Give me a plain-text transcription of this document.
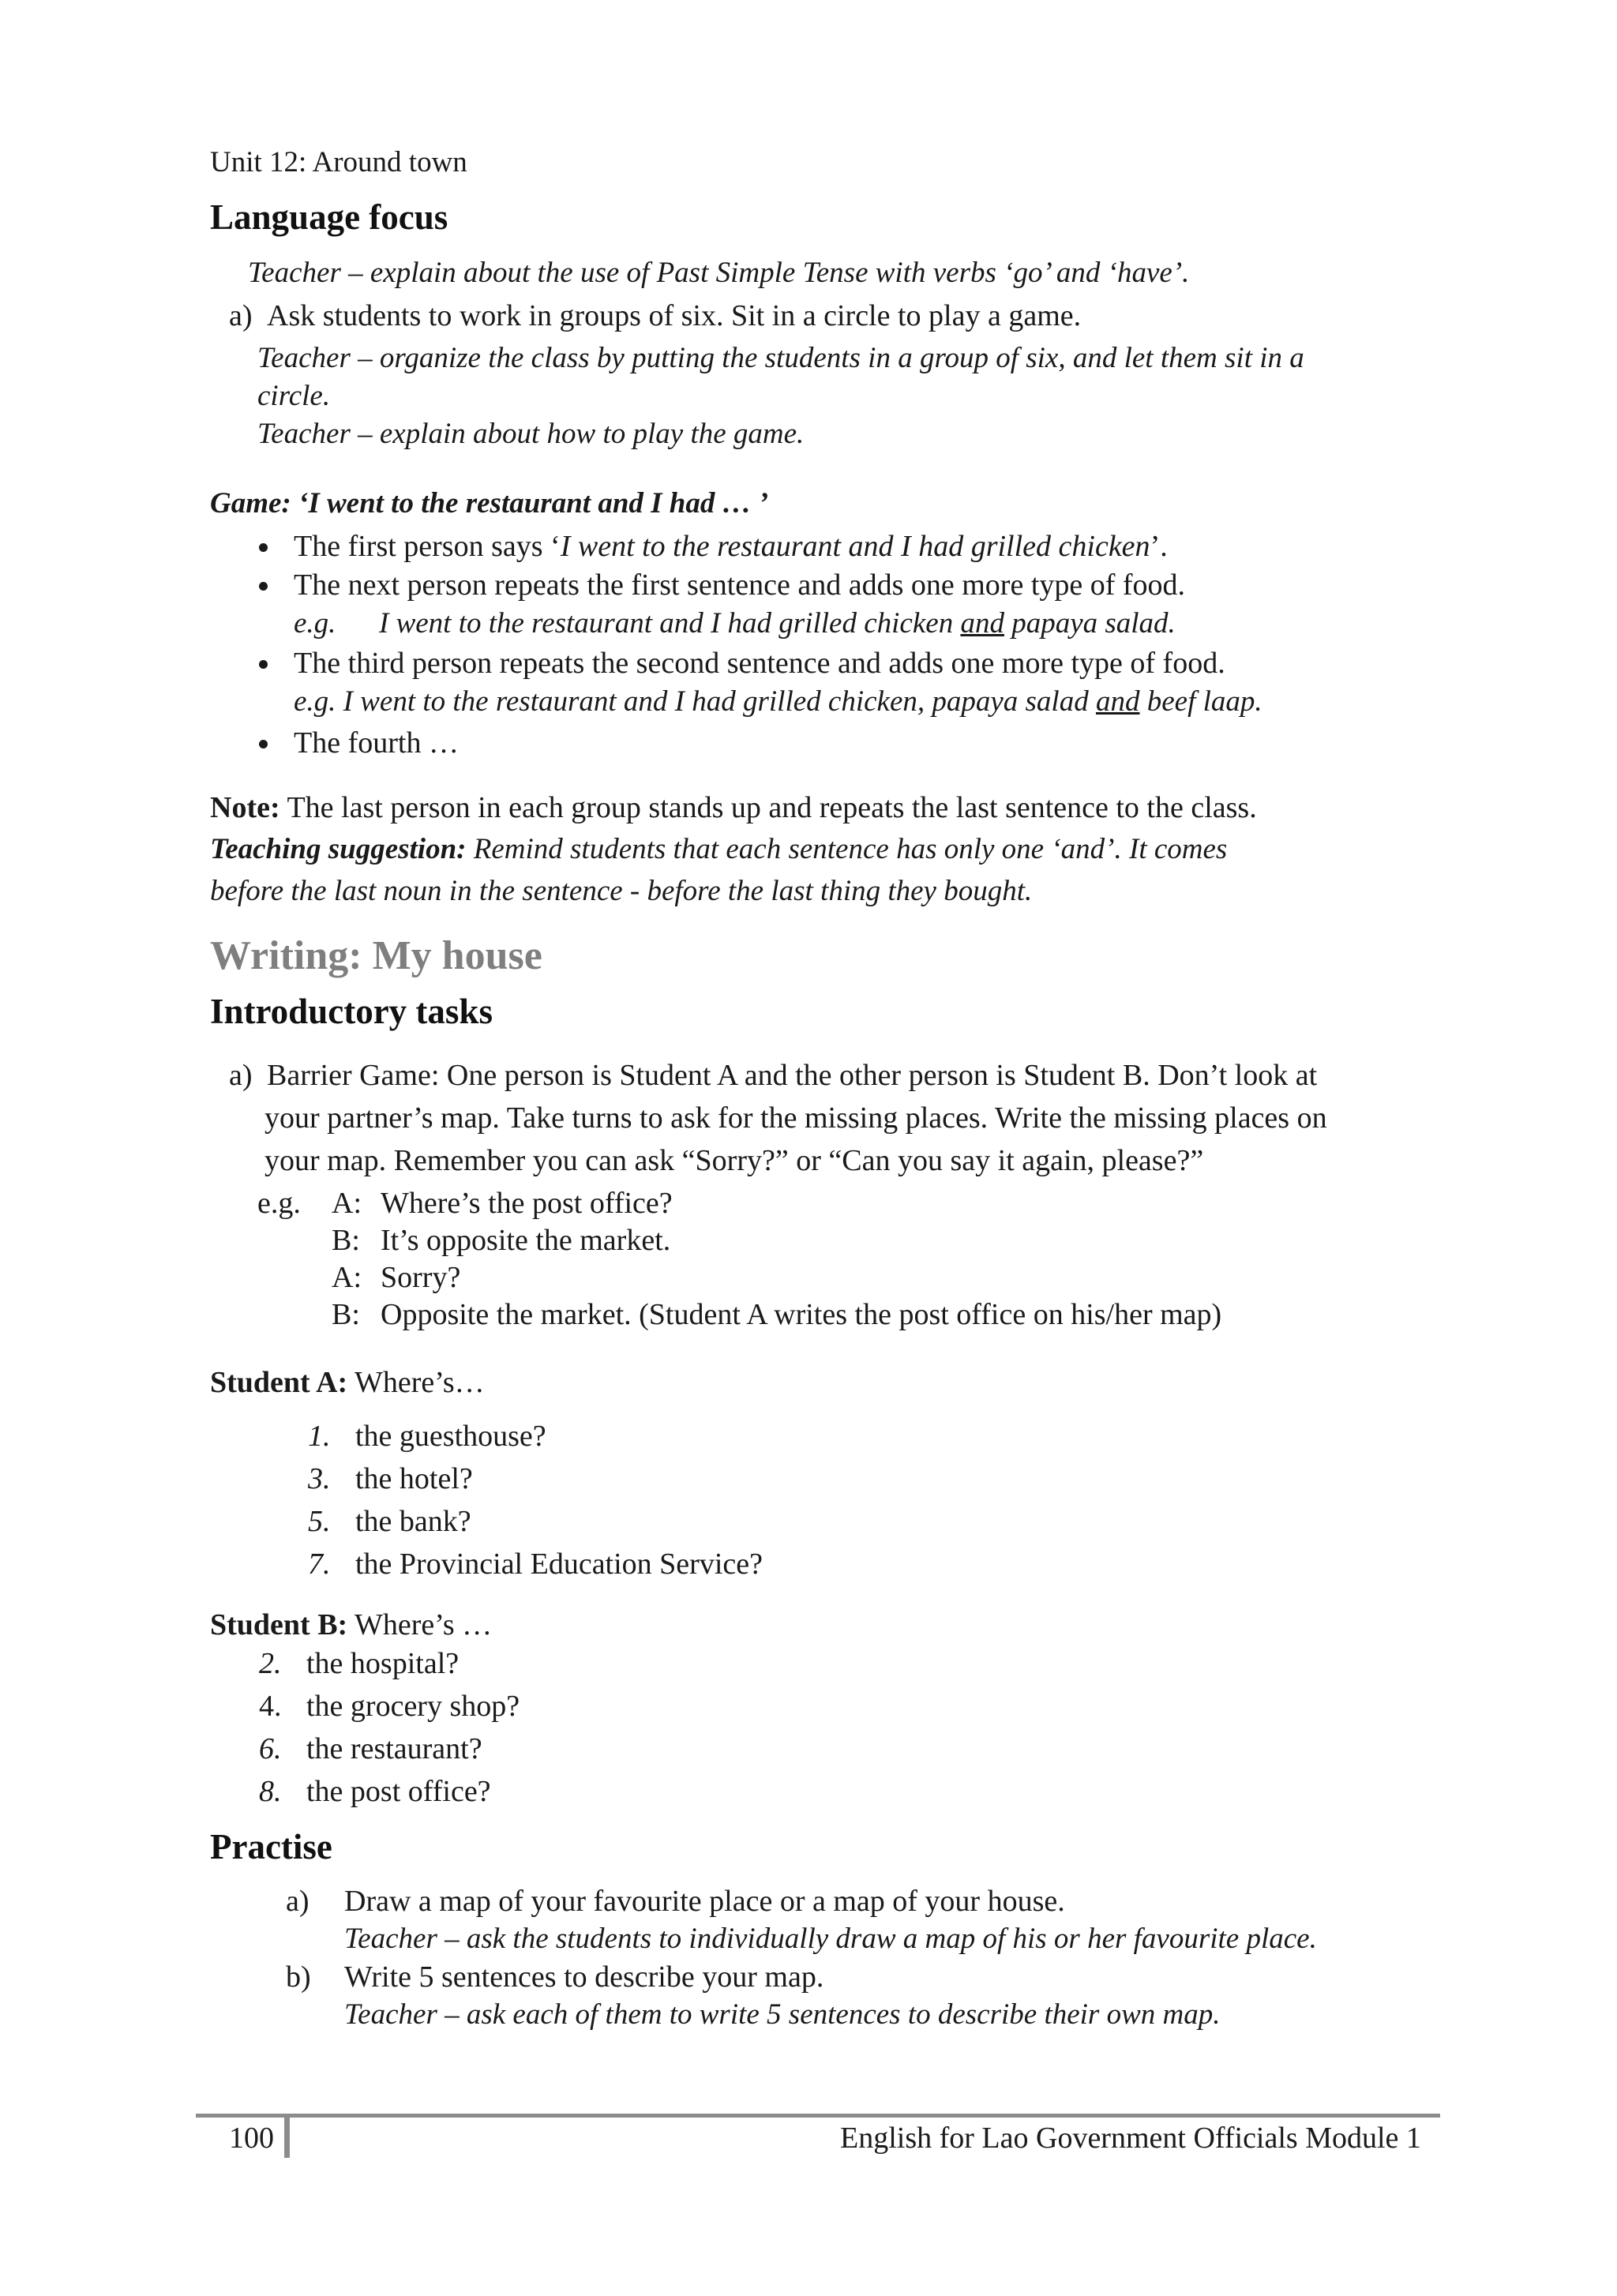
Unit 12: Around town
Language focus
Teacher – explain about the use of Past Simple Tense with verbs ‘go’ and ‘have’.
a) Ask students to work in groups of six. Sit in a circle to play a game.
Teacher – organize the class by putting the students in a group of six, and let them sit in a
circle.
Teacher – explain about how to play the game.
Game: ‘I went to the restaurant and I had … ’
The first person says ‘I went to the restaurant and I had grilled chicken’.
The next person repeats the first sentence and adds one more type of food.
e.g. I went to the restaurant and I had grilled chicken and papaya salad.
The third person repeats the second sentence and adds one more type of food.
e.g. I went to the restaurant and I had grilled chicken, papaya salad and beef laap.
The fourth …
Note: The last person in each group stands up and repeats the last sentence to the class.
Teaching suggestion: Remind students that each sentence has only one ‘and’. It comes
before the last noun in the sentence - before the last thing they bought.
Writing: My house
Introductory tasks
a) Barrier Game: One person is Student A and the other person is Student B. Don’t look at
your partner’s map. Take turns to ask for the missing places. Write the missing places on
your map. Remember you can ask “Sorry?” or “Can you say it again, please?”
e.g. A: Where’s the post office?
B: It’s opposite the market.
A: Sorry?
B: Opposite the market. (Student A writes the post office on his/her map)
Student A: Where’s…
1. the guesthouse?
3. the hotel?
5. the bank?
7. the Provincial Education Service?
Student B: Where’s …
2. the hospital?
4. the grocery shop?
6. the restaurant?
8. the post office?
Practise
a) Draw a map of your favourite place or a map of your house.
Teacher – ask the students to individually draw a map of his or her favourite place.
b) Write 5 sentences to describe your map.
Teacher – ask each of them to write 5 sentences to describe their own map.
100	English for Lao Government Officials Module 1
